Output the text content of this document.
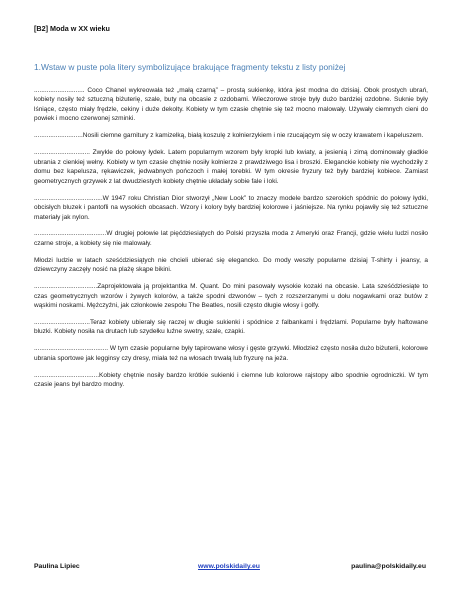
[B2] Moda w XX wieku
1.Wstaw w puste pola litery symbolizujące brakujące fragmenty tekstu z listy poniżej

............................ Coco Chanel wykreowała też „małą czarną” – prostą sukienkę, która jest modna do dzisiaj. Obok prostych ubrań, kobiety nosiły też sztuczną biżuterię, szale, buty na obcasie z ozdobami. Wieczorowe stroje były dużo bardziej ozdobne. Suknie były lśniące, często miały frędzle, cekiny i duże dekolty. Kobiety w tym czasie chętnie się też mocno malowały. Używały ciemnych cieni do powiek i mocno czerwonej szminki.

...........................Nosili ciemne garnitury z kamizelką, białą koszulę z kołnierzykiem i nie rzucającym się w oczy krawatem i kapeluszem.

............................... Zwykle do połowy łydek. Latem popularnym wzorem były kropki lub kwiaty, a jesienią i zimą dominowały gładkie ubrania z cienkiej wełny. Kobiety w tym czasie chętnie nosiły kołnierze z prawdziwego lisa i broszki. Eleganckie kobiety nie wychodziły z domu bez kapelusza, rękawiczek, jedwabnych pończoch i małej torebki. W tym okresie fryzury też były bardziej kobiece. Zamiast geometrycznych grzywek z lat dwudziestych kobiety chętnie układały sobie fale i loki.

......................................W 1947 roku Christian Dior stworzył „New Look” to znaczy modele bardzo szerokich spódnic do połowy łydki, obcisłych bluzek i pantofli na wysokich obcasach. Wzory i kolory były bardziej kolorowe i jaśniejsze. Na rynku pojawiły się też sztuczne materiały jak nylon.

........................................W drugiej połowie lat pięćdziesiątych do Polski przyszła moda z Ameryki oraz Francji, gdzie wielu ludzi nosiło czarne stroje, a kobiety się nie malowały.

Młodzi ludzie w latach sześćdziesiątych nie chcieli ubierać się elegancko. Do mody weszły popularne dzisiaj T-shirty i jeansy, a dziewczyny zaczęły nosić na plażę skąpe bikini.

...................................Zaprojektowała ją projektantka M. Quant. Do mini pasowały wysokie kozaki na obcasie. Lata sześćdziesiąte to czas geometrycznych wzorów i żywych kolorów, a także spodni dzwonów – tych z rozszerzanymi u dołu nogawkami oraz butów z wąskimi noskami. Mężczyźni, jak członkowie zespołu The Beatles, nosili często długie włosy i golfy.

...............................Teraz kobiety ubierały się raczej w długie sukienki i spódnice z falbankami i frędzlami. Popularne były haftowane bluzki. Kobiety nosiła na drutach lub szydełku luźne swetry, szale, czapki.

......................................... W tym czasie popularne były tapirowane włosy i gęste grzywki. Młodzież często nosiła dużo biżuterii, kolorowe ubrania sportowe jak legginsy czy dresy, miała też na włosach trwałą lub fryzurę na jeża.

....................................Kobiety chętnie nosiły bardzo krótkie sukienki i ciemne lub kolorowe rajstopy albo spodnie ogrodniczki. W tym czasie jeans był bardzo modny.

Paulina Lipiec	www.polskidaily.eu	paulina@polskidaily.eu
